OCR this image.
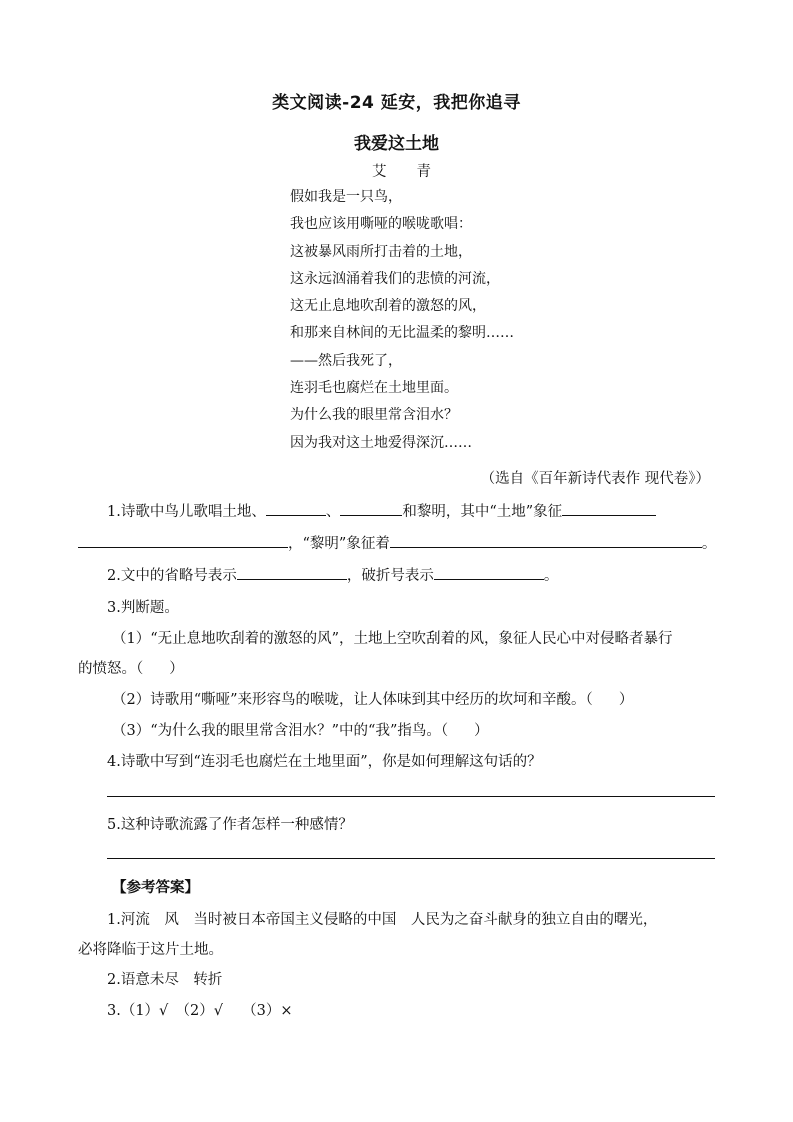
类文阅读-24 延安，我把你追寻
我爱这土地
艾 青
假如我是一只鸟，
我也应该用嘶哑的喉咙歌唱：
这被暴风雨所打击着的土地，
这永远汹涌着我们的悲愤的河流，
这无止息地吹刮着的激怒的风，
和那来自林间的无比温柔的黎明……
——然后我死了，
连羽毛也腐烂在土地里面。
为什么我的眼里常含泪水？
因为我对这土地爱得深沉……
（选自《百年新诗代表作 现代卷》）
1.诗歌中鸟儿歌唱土地、	、	和黎明，其中“土地”象征
，“黎明”象征着	。
2.文中的省略号表示	，破折号表示	。
3.判断题。
（1）“无止息地吹刮着的激怒的风”，土地上空吹刮着的风，象征人民心中对侵略者暴行
的愤怒。（ ）
（2）诗歌用“嘶哑”来形容鸟的喉咙，让人体味到其中经历的坎坷和辛酸。（ ）
（3）“为什么我的眼里常含泪水？”中的“我”指鸟。（ ）
4.诗歌中写到“连羽毛也腐烂在土地里面”，你是如何理解这句话的？
5.这种诗歌流露了作者怎样一种感情？
【参考答案】
1.河流　风　当时被日本帝国主义侵略的中国　人民为之奋斗献身的独立自由的曙光，
必将降临于这片土地。
2.语意未尽　转折
3.（1）√　（2）√　 （3）×
